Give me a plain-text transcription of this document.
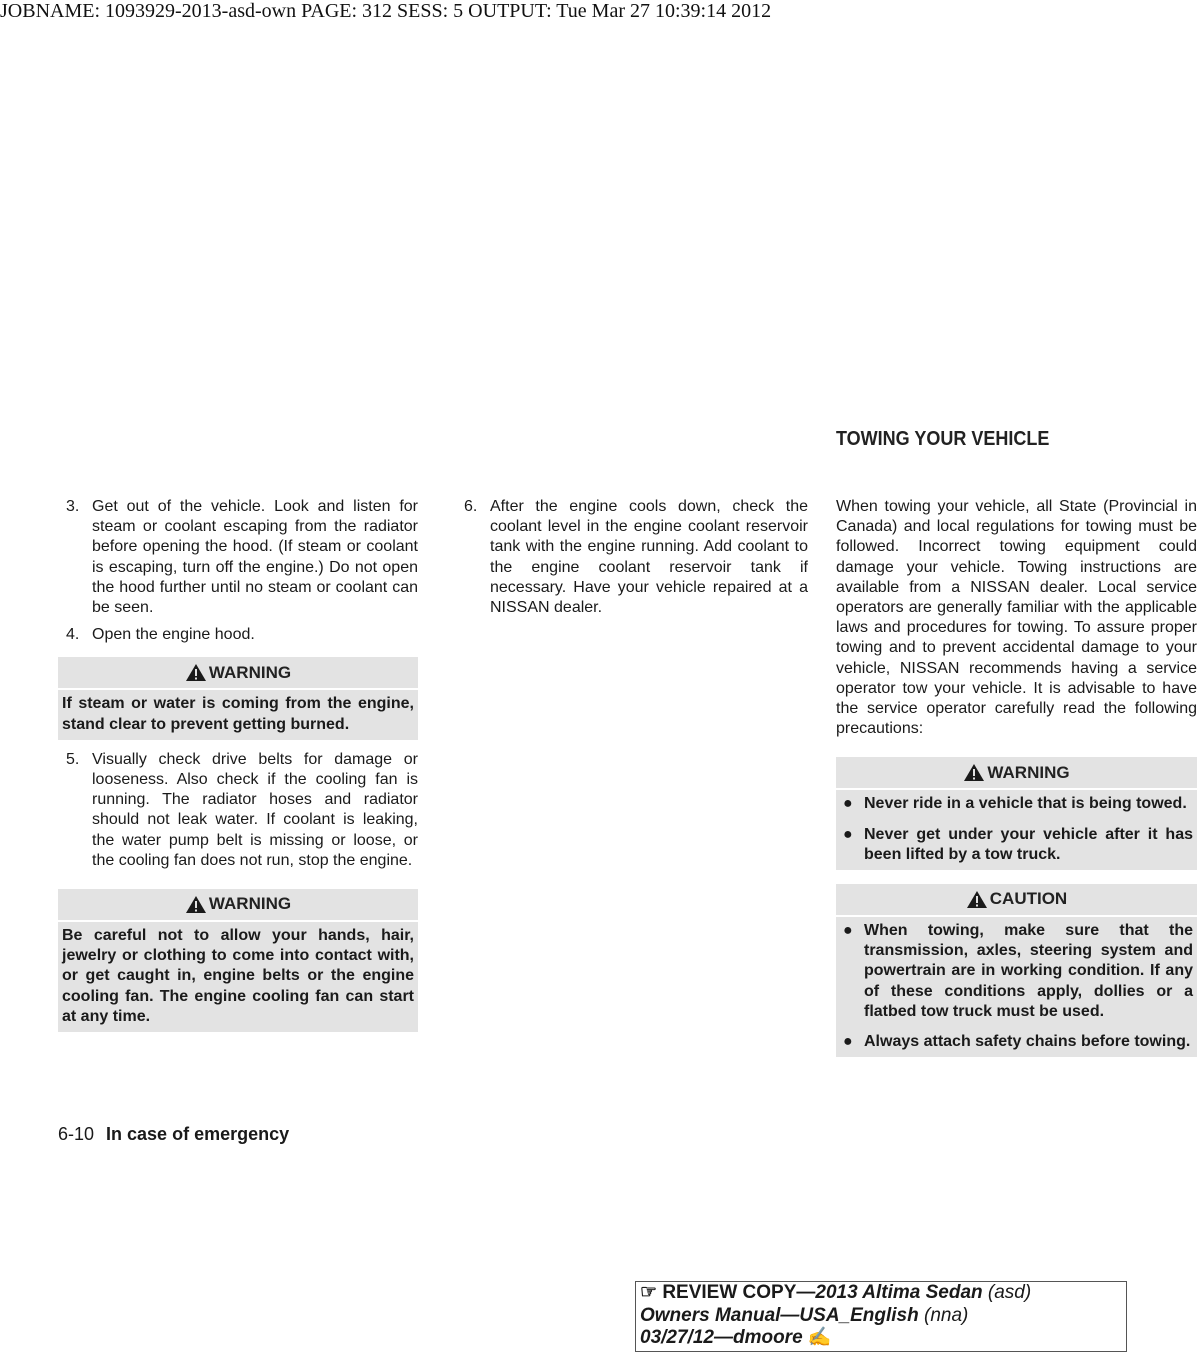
JOBNAME: 1093929-2013-asd-own PAGE: 312 SESS: 5 OUTPUT: Tue Mar 27 10:39:14 2012
TOWING YOUR VEHICLE
3. Get out of the vehicle. Look and listen for steam or coolant escaping from the radiator before opening the hood. (If steam or coolant is escaping, turn off the engine.) Do not open the hood further until no steam or coolant can be seen.
4. Open the engine hood.
WARNING
If steam or water is coming from the engine, stand clear to prevent getting burned.
5. Visually check drive belts for damage or looseness. Also check if the cooling fan is running. The radiator hoses and radiator should not leak water. If coolant is leaking, the water pump belt is missing or loose, or the cooling fan does not run, stop the engine.
WARNING
Be careful not to allow your hands, hair, jewelry or clothing to come into contact with, or get caught in, engine belts or the engine cooling fan. The engine cooling fan can start at any time.
6. After the engine cools down, check the coolant level in the engine coolant reservoir tank with the engine running. Add coolant to the engine coolant reservoir tank if necessary. Have your vehicle repaired at a NISSAN dealer.

When towing your vehicle, all State (Provincial in Canada) and local regulations for towing must be followed. Incorrect towing equipment could damage your vehicle. Towing instructions are available from a NISSAN dealer. Local service operators are generally familiar with the applicable laws and procedures for towing. To assure proper towing and to prevent accidental damage to your vehicle, NISSAN recommends having a service operator tow your vehicle. It is advisable to have the service operator carefully read the following precautions:

WARNING
● Never ride in a vehicle that is being towed.
● Never get under your vehicle after it has been lifted by a tow truck.
CAUTION
● When towing, make sure that the transmission, axles, steering system and powertrain are in working condition. If any of these conditions apply, dollies or a flatbed tow truck must be used.
● Always attach safety chains before towing.
6-10 In case of emergency
☞ REVIEW COPY—2013 Altima Sedan (asd)
Owners Manual—USA_English (nna)
03/27/12—dmoore ✍
